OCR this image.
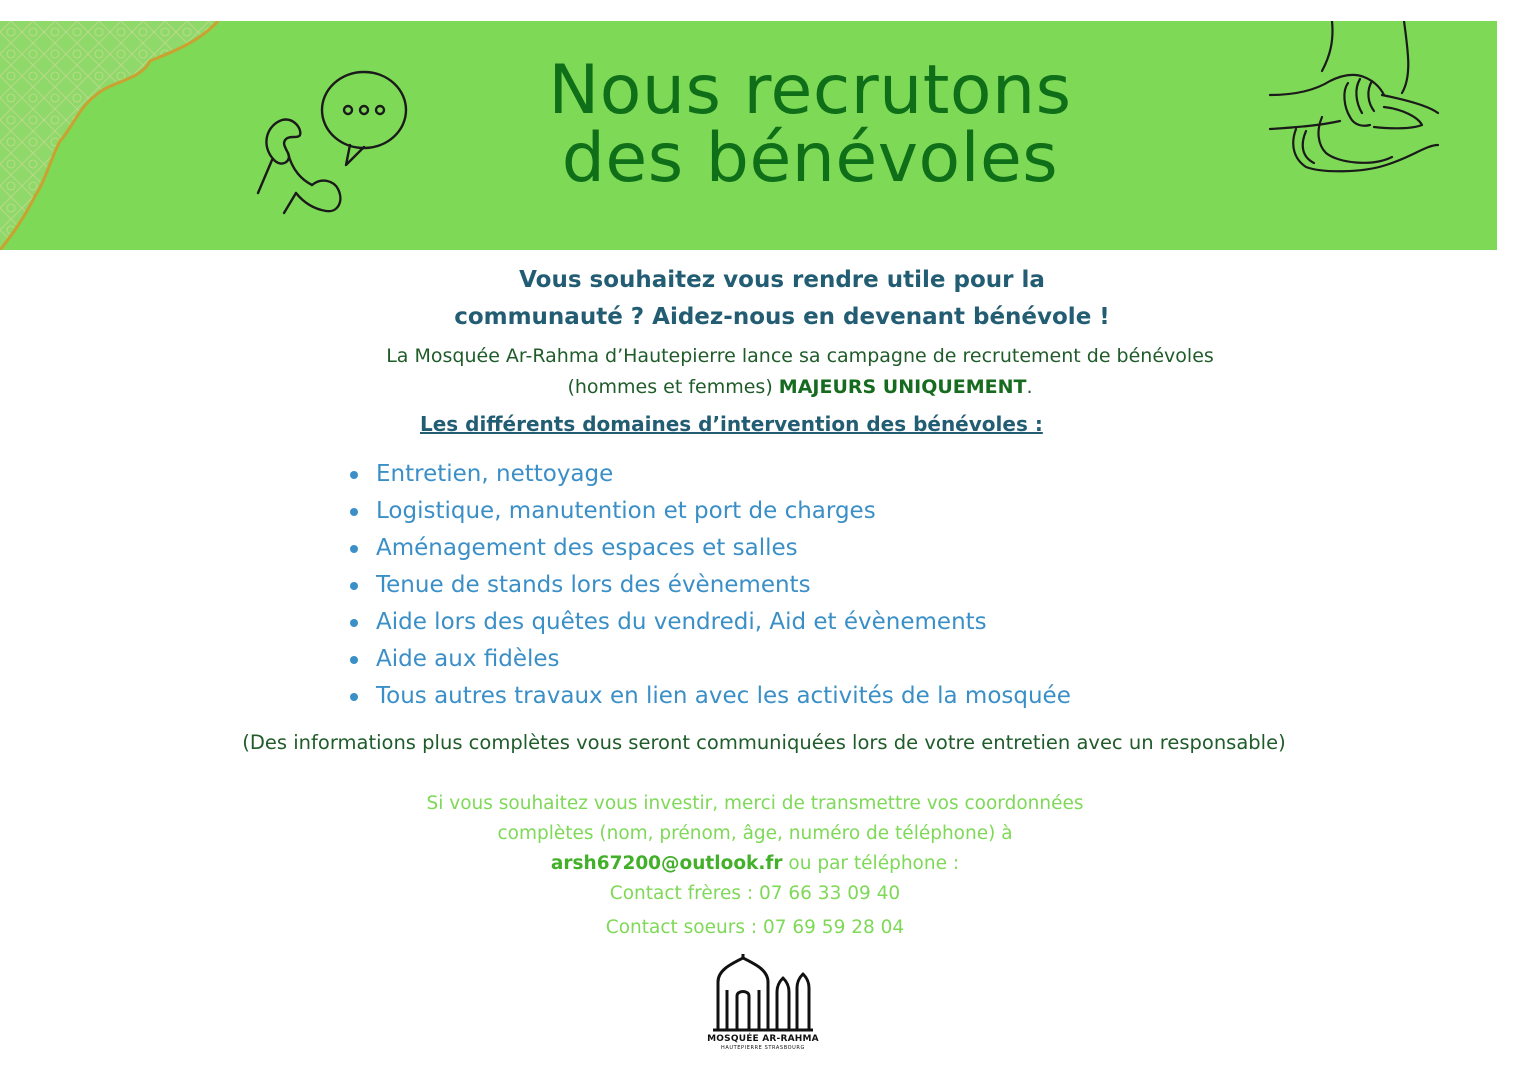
Nous recrutons
des bénévoles
Vous souhaitez vous rendre utile pour la
communauté ? Aidez-nous en devenant bénévole !
La Mosquée Ar-Rahma d’Hautepierre lance sa campagne de recrutement de bénévoles
(hommes et femmes) MAJEURS UNIQUEMENT.
Les différents domaines d’intervention des bénévoles :
Entretien, nettoyage
Logistique, manutention et port de charges
Aménagement des espaces et salles
Tenue de stands lors des évènements
Aide lors des quêtes du vendredi, Aid et évènements
Aide aux fidèles
Tous autres travaux en lien avec les activités de la mosquée
(Des informations plus complètes vous seront communiquées lors de votre entretien avec un responsable)
Si vous souhaitez vous investir, merci de transmettre vos coordonnées
complètes (nom, prénom, âge, numéro de téléphone) à
arsh67200@outlook.fr ou par téléphone :
Contact frères : 07 66 33 09 40
Contact soeurs : 07 69 59 28 04
MOSQUÉE AR-RAHMA
HAUTEPIERRE STRASBOURG
